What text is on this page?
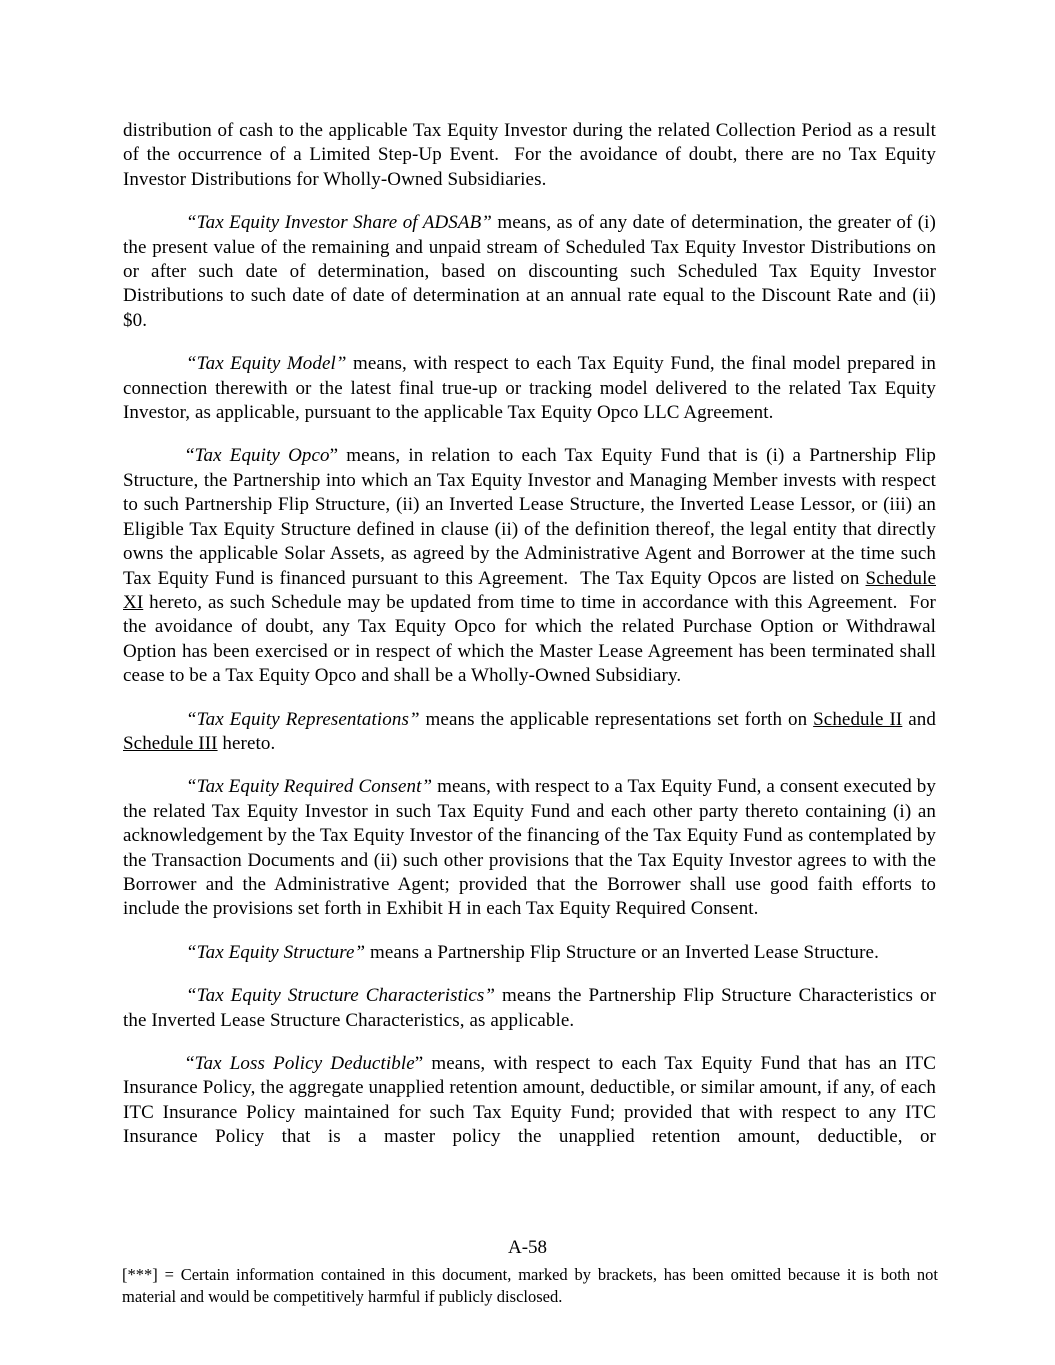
distribution of cash to the applicable Tax Equity Investor during the related Collection Period as a result of the occurrence of a Limited Step-Up Event.  For the avoidance of doubt, there are no Tax Equity Investor Distributions for Wholly-Owned Subsidiaries.

“Tax Equity Investor Share of ADSAB” means, as of any date of determination, the greater of (i) the present value of the remaining and unpaid stream of Scheduled Tax Equity Investor Distributions on or after such date of determination, based on discounting such Scheduled Tax Equity Investor Distributions to such date of date of determination at an annual rate equal to the Discount Rate and (ii) $0.

“Tax Equity Model” means, with respect to each Tax Equity Fund, the final model prepared in connection therewith or the latest final true-up or tracking model delivered to the related Tax Equity Investor, as applicable, pursuant to the applicable Tax Equity Opco LLC Agreement.

“Tax Equity Opco” means, in relation to each Tax Equity Fund that is (i) a Partnership Flip Structure, the Partnership into which an Tax Equity Investor and Managing Member invests with respect to such Partnership Flip Structure, (ii) an Inverted Lease Structure, the Inverted Lease Lessor, or (iii) an Eligible Tax Equity Structure defined in clause (ii) of the definition thereof, the legal entity that directly owns the applicable Solar Assets, as agreed by the Administrative Agent and Borrower at the time such Tax Equity Fund is financed pursuant to this Agreement.  The Tax Equity Opcos are listed on Schedule XI hereto, as such Schedule may be updated from time to time in accordance with this Agreement.  For the avoidance of doubt, any Tax Equity Opco for which the related Purchase Option or Withdrawal Option has been exercised or in respect of which the Master Lease Agreement has been terminated shall cease to be a Tax Equity Opco and shall be a Wholly-Owned Subsidiary.

“Tax Equity Representations” means the applicable representations set forth on Schedule II and Schedule III hereto.

“Tax Equity Required Consent” means, with respect to a Tax Equity Fund, a consent executed by the related Tax Equity Investor in such Tax Equity Fund and each other party thereto containing (i) an acknowledgement by the Tax Equity Investor of the financing of the Tax Equity Fund as contemplated by the Transaction Documents and (ii) such other provisions that the Tax Equity Investor agrees to with the Borrower and the Administrative Agent; provided that the Borrower shall use good faith efforts to include the provisions set forth in Exhibit H in each Tax Equity Required Consent.

“Tax Equity Structure” means a Partnership Flip Structure or an Inverted Lease Structure.

“Tax Equity Structure Characteristics” means the Partnership Flip Structure Characteristics or the Inverted Lease Structure Characteristics, as applicable.

“Tax Loss Policy Deductible” means, with respect to each Tax Equity Fund that has an ITC Insurance Policy, the aggregate unapplied retention amount, deductible, or similar amount, if any, of each ITC Insurance Policy maintained for such Tax Equity Fund; provided that with respect to any ITC Insurance Policy that is a master policy the unapplied retention amount, deductible, or

A-58
[***] = Certain information contained in this document, marked by brackets, has been omitted because it is both not material and would be competitively harmful if publicly disclosed.
